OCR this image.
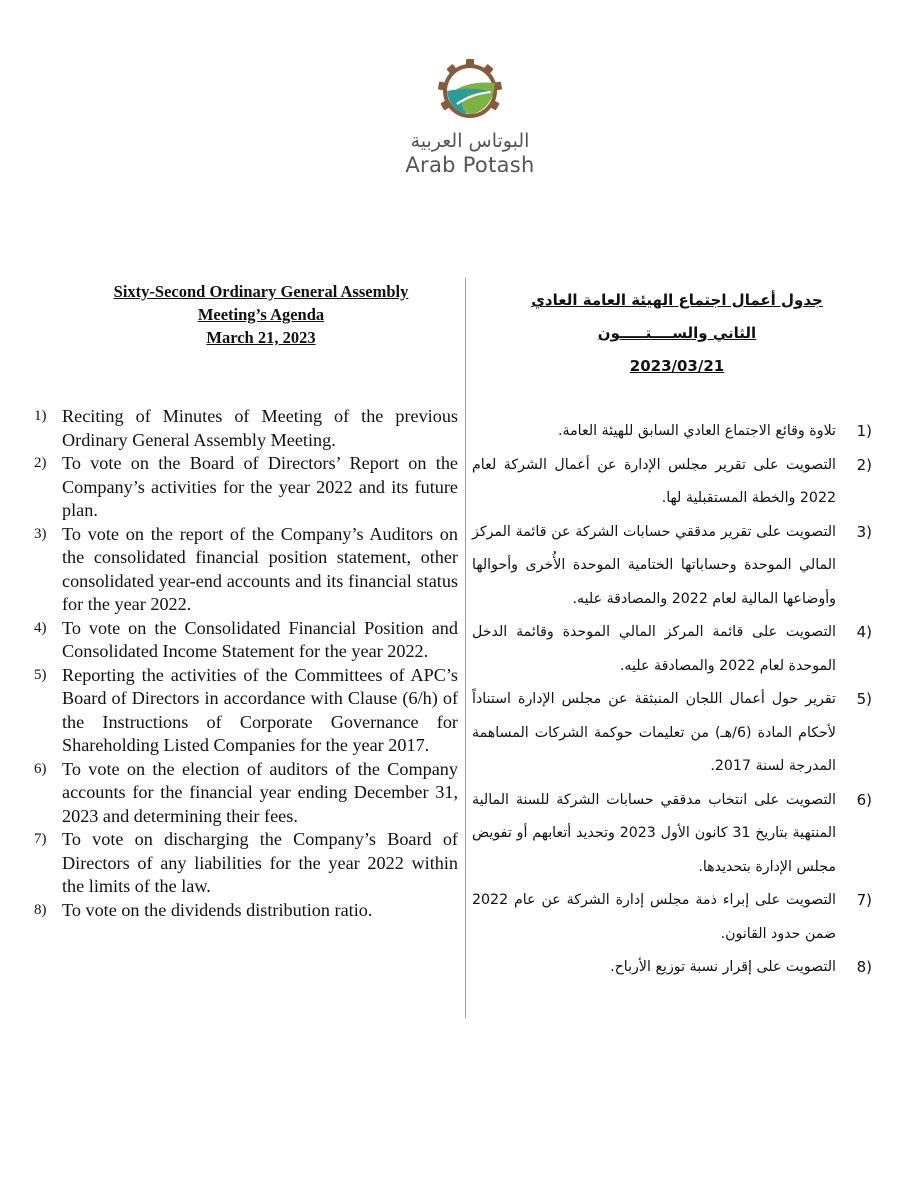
البوتاس العربية
Arab Potash
Sixty-Second Ordinary General Assembly
Meeting’s Agenda
March 21, 2023
1) Reciting of Minutes of Meeting of the previous Ordinary General Assembly Meeting.
2) To vote on the Board of Directors’ Report on the Company’s activities for the year 2022 and its future plan.
3) To vote on the report of the Company’s Auditors on the consolidated financial position statement, other consolidated year-end accounts and its financial status for the year 2022.
4) To vote on the Consolidated Financial Position and Consolidated Income Statement for the year 2022.
5) Reporting the activities of the Committees of APC’s Board of Directors in accordance with Clause (6/h) of the Instructions of Corporate Governance for Shareholding Listed Companies for the year 2017.
6) To vote on the election of auditors of the Company accounts for the financial year ending December 31, 2023 and determining their fees.
7) To vote on discharging the Company’s Board of Directors of any liabilities for the year 2022 within the limits of the law.
8) To vote on the dividends distribution ratio.
جدول أعمال اجتماع الهيئة العامة العادي
الثاني والســــتـــــون
2023/03/21
1)
تلاوة وقائع الاجتماع العادي السابق للهيئة العامة.
2)
التصويت على تقرير مجلس الإدارة عن أعمال الشركة لعام 2022 والخطة المستقبلية لها.
3)
التصويت على تقرير مدققي حسابات الشركة عن قائمة المركز المالي الموحدة وحساباتها الختامية الموحدة الأُخرى وأحوالها وأوضاعها المالية لعام 2022 والمصادقة عليه.
4)
التصويت على قائمة المركز المالي الموحدة وقائمة الدخل الموحدة لعام 2022 والمصادقة عليه.
5)
تقرير حول أعمال اللجان المنبثقة عن مجلس الإدارة استناداً لأحكام المادة (6/هـ) من تعليمات حوكمة الشركات المساهمة المدرجة لسنة 2017.
6)
التصويت على انتخاب مدققي حسابات الشركة للسنة المالية المنتهية بتاريخ 31 كانون الأول 2023 وتحديد أتعابهم أو تفويض مجلس الإدارة بتحديدها.
7)
التصويت على إبراء ذمة مجلس إدارة الشركة عن عام 2022 ضمن حدود القانون.
8)
التصويت على إقرار نسبة توزيع الأرباح.
